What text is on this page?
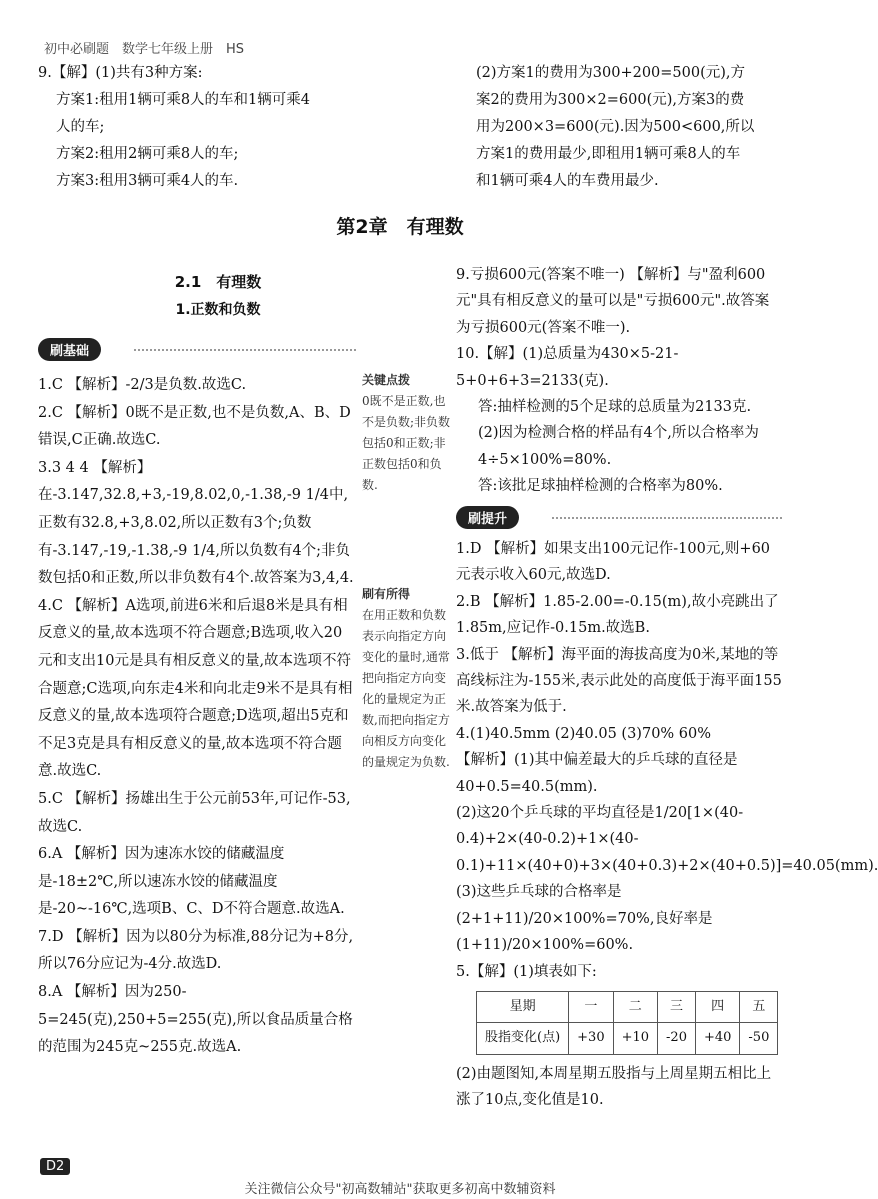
初中必刷题　数学七年级上册　HS

9.【解】(1)共有3种方案:

方案1:租用1辆可乘8人的车和1辆可乘4

人的车;

方案2:租用2辆可乘8人的车;

方案3:租用3辆可乘4人的车.

(2)方案1的费用为300+200=500(元),方

案2的费用为300×2=600(元),方案3的费

用为200×3=600(元).因为500<600,所以

方案1的费用最少,即租用1辆可乘8人的车

和1辆可乘4人的车费用最少.

第2章　有理数
2.1　有理数
1.正数和负数
刷基础

1.C 【解析】-2/3是负数.故选C.

2.C 【解析】0既不是正数,也不是负数,A、B、D错误,C正确.故选C.

3.3 4 4 【解析】在-3.147,32.8,+3,-19,8.02,0,-1.38,-9 1/4中,正数有32.8,+3,8.02,所以正数有3个;负数有-3.147,-19,-1.38,-9 1/4,所以负数有4个;非负数包括0和正数,所以非负数有4个.故答案为3,4,4.

4.C 【解析】A选项,前进6米和后退8米是具有相反意义的量,故本选项不符合题意;B选项,收入20元和支出10元是具有相反意义的量,故本选项不符合题意;C选项,向东走4米和向北走9米不是具有相反意义的量,故本选项符合题意;D选项,超出5克和不足3克是具有相反意义的量,故本选项不符合题意.故选C.

5.C 【解析】扬雄出生于公元前53年,可记作-53,故选C.

6.A 【解析】因为速冻水饺的储藏温度是-18±2℃,所以速冻水饺的储藏温度是-20~-16℃,选项B、C、D不符合题意.故选A.

7.D 【解析】因为以80分为标准,88分记为+8分,所以76分应记为-4分.故选D.

8.A 【解析】因为250-5=245(克),250+5=255(克),所以食品质量合格的范围为245克~255克.故选A.

关键点拨
0既不是正数,也不是负数;非负数包括0和正数;非正数包括0和负数.
刷有所得
在用正数和负数表示向指定方向变化的量时,通常把向指定方向变化的量规定为正数,而把向指定方向相反方向变化的量规定为负数.

9.亏损600元(答案不唯一) 【解析】与"盈利600元"具有相反意义的量可以是"亏损600元".故答案为亏损600元(答案不唯一).

10.【解】(1)总质量为430×5-21-5+0+6+3=2133(克).

答:抽样检测的5个足球的总质量为2133克.

(2)因为检测合格的样品有4个,所以合格率为4÷5×100%=80%.

答:该批足球抽样检测的合格率为80%.

刷提升

1.D 【解析】如果支出100元记作-100元,则+60元表示收入60元,故选D.

2.B 【解析】1.85-2.00=-0.15(m),故小亮跳出了1.85m,应记作-0.15m.故选B.

3.低于 【解析】海平面的海拔高度为0米,某地的等高线标注为-155米,表示此处的高度低于海平面155米.故答案为低于.

4.(1)40.5mm (2)40.05 (3)70% 60%

【解析】(1)其中偏差最大的乒乓球的直径是40+0.5=40.5(mm).

(2)这20个乒乓球的平均直径是1/20[1×(40-0.4)+2×(40-0.2)+1×(40-0.1)+11×(40+0)+3×(40+0.3)+2×(40+0.5)]=40.05(mm).

(3)这些乒乓球的合格率是(2+1+11)/20×100%=70%,良好率是(1+11)/20×100%=60%.

5.【解】(1)填表如下:

星期	一	二	三	四	五
股指变化(点)	+30	+10	-20	+40	-50

(2)由题图知,本周星期五股指与上周星期五相比上涨了10点,变化值是10.

D2
关注微信公众号"初高数辅站"获取更多初高中数辅资料
